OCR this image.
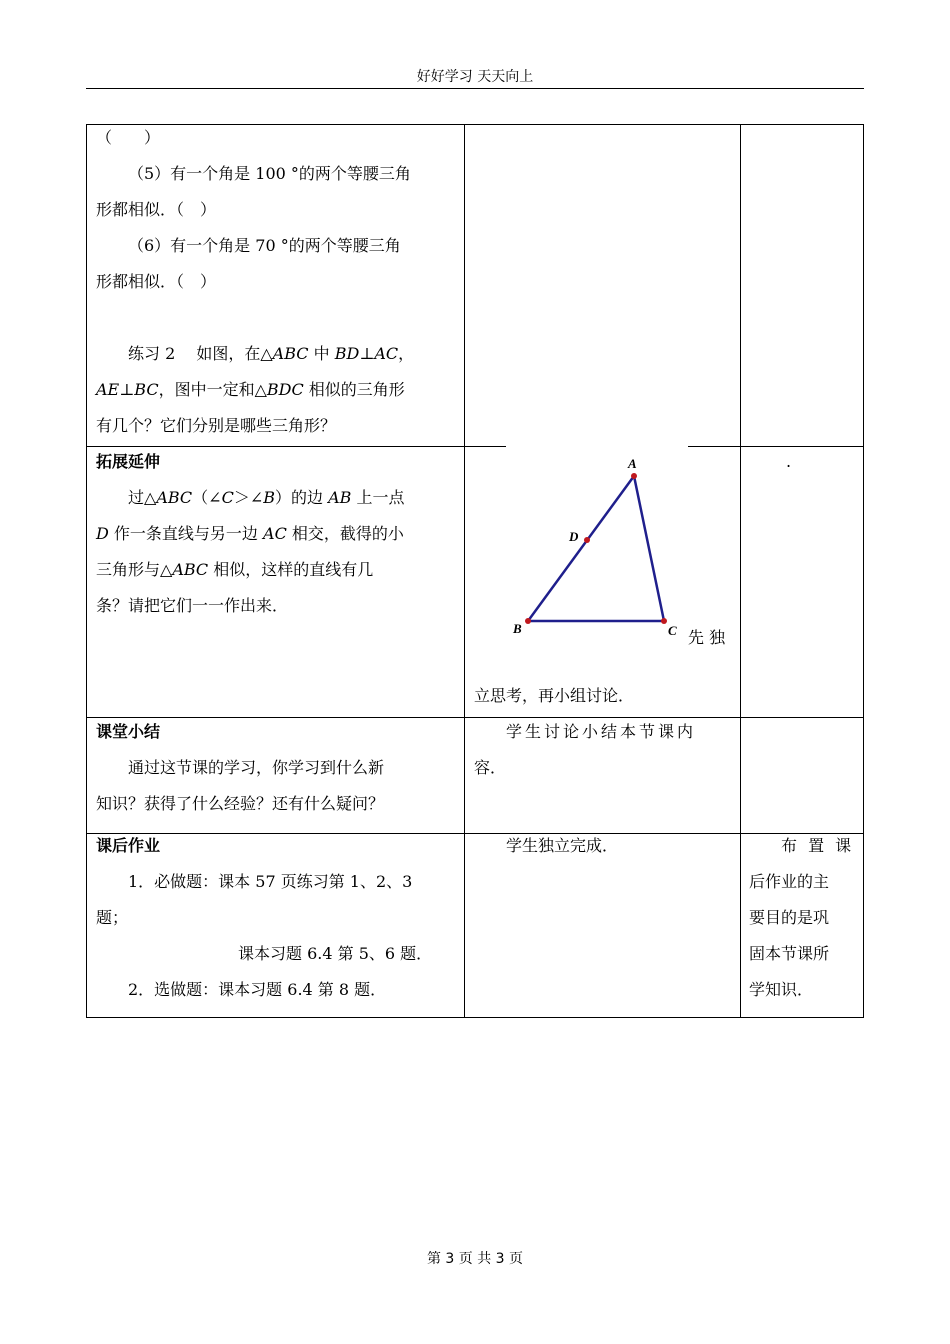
好好学习 天天向上

（　　）

（5）有一个角是 100 °的两个等腰三角

形都相似．（　）

（6）有一个角是 70 °的两个等腰三角

形都相似．（　）

练习 2　 如图，在△ABC 中 BD⊥AC，

AE⊥BC，图中一定和△BDC 相似的三角形

有几个？它们分别是哪些三角形？

拓展延伸

过△ABC（∠C＞∠B）的边 AB 上一点

D 作一条直线与另一边 AC 相交，截得的小

三角形与△ABC 相似，这样的直线有几

条？请把它们一一作出来．

A
B	C
D
先 独
立思考，再小组讨论．
.

课堂小结

通过这节课的学习，你学习到什么新

知识？获得了什么经验？还有什么疑问？

学生讨论小结本节课内

容．

课后作业

1．必做题：课本 57 页练习第 1、2、3

题；

课本习题 6.4 第 5、6 题．

2．选做题：课本习题 6.4 第 8 题．

学生独立完成．	布 置 课

后作业的主

要目的是巩

固本节课所

学知识．

第 3 页 共 3 页
